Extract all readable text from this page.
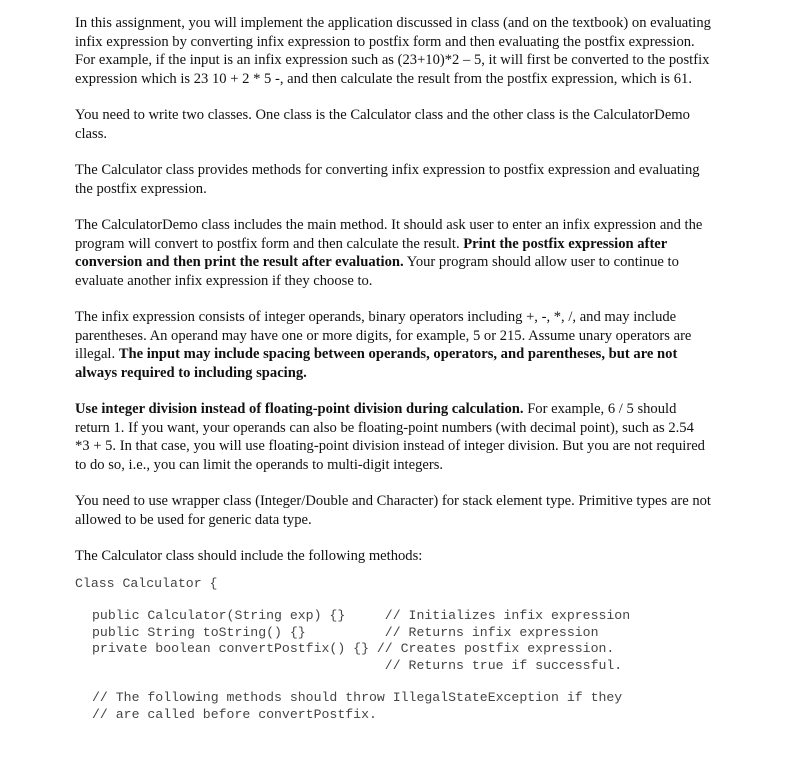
In this assignment, you will implement the application discussed in class (and on the textbook) on evaluating infix expression by converting infix expression to postfix form and then evaluating the postfix expression. For example, if the input is an infix expression such as (23+10)*2 – 5, it will first be converted to the postfix expression which is 23 10 + 2 * 5 -, and then calculate the result from the postfix expression, which is 61.

You need to write two classes. One class is the Calculator class and the other class is the CalculatorDemo class.

The Calculator class provides methods for converting infix expression to postfix expression and evaluating the postfix expression.

The CalculatorDemo class includes the main method. It should ask user to enter an infix expression and the program will convert to postfix form and then calculate the result. Print the postfix expression after conversion and then print the result after evaluation. Your program should allow user to continue to evaluate another infix expression if they choose to.

The infix expression consists of integer operands, binary operators including +, -, *, /, and may include parentheses. An operand may have one or more digits, for example, 5 or 215. Assume unary operators are illegal. The input may include spacing between operands, operators, and parentheses, but are not always required to including spacing.

Use integer division instead of floating-point division during calculation. For example, 6 / 5 should return 1. If you want, your operands can also be floating-point numbers (with decimal point), such as 2.54 *3 + 5. In that case, you will use floating-point division instead of integer division. But you are not required to do so, i.e., you can limit the operands to multi-digit integers.

You need to use wrapper class (Integer/Double and Character) for stack element type. Primitive types are not allowed to be used for generic data type.

The Calculator class should include the following methods:

Class Calculator {
public Calculator(String exp) {}     // Initializes infix expression
public String toString() {}          // Returns infix expression
private boolean convertPostfix() {} // Creates postfix expression.
// Returns true if successful.
// The following methods should throw IllegalStateException if they
// are called before convertPostfix.
